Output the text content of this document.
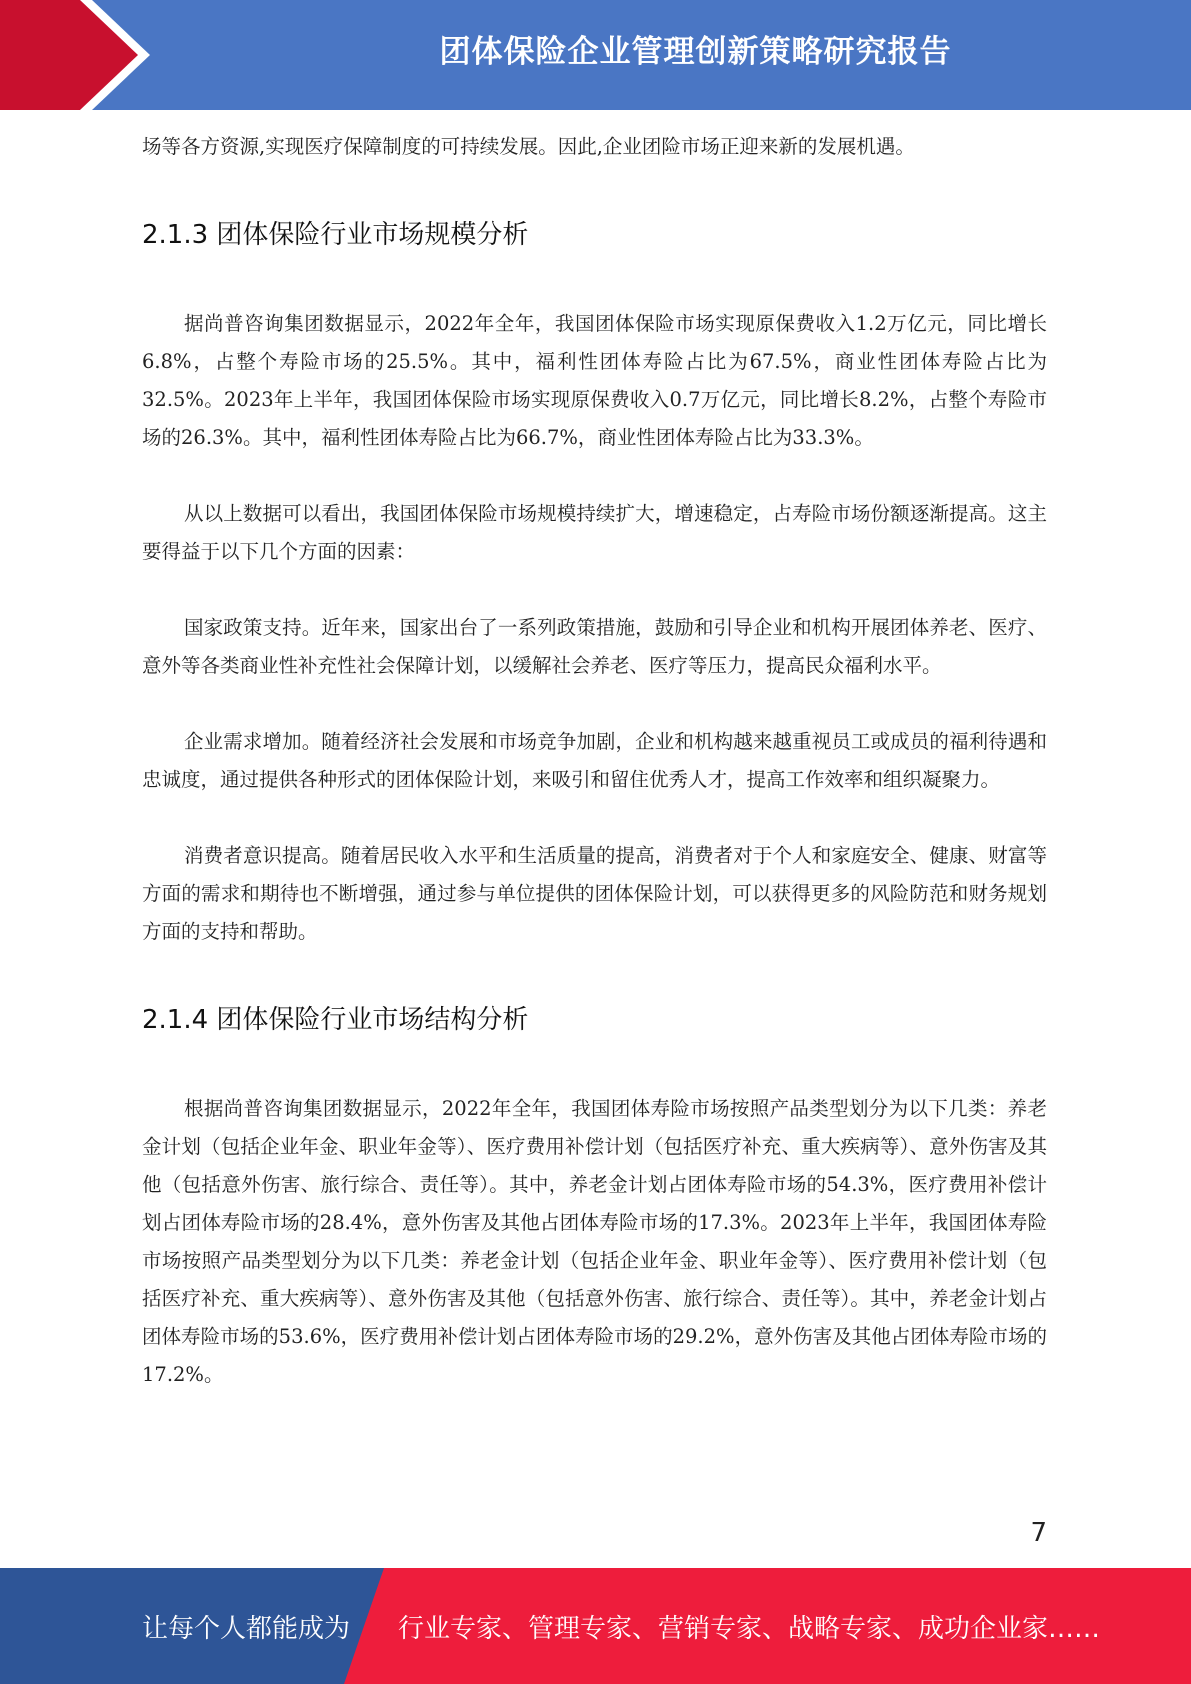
团体保险企业管理创新策略研究报告

场等各方资源,实现医疗保障制度的可持续发展。因此,企业团险市场正迎来新的发展机遇。

2.1.3 团体保险行业市场规模分析

据尚普咨询集团数据显示，2022年全年，我国团体保险市场实现原保费收入1.2万亿元，同比增长6.8%，占整个寿险市场的25.5%。其中，福利性团体寿险占比为67.5%，商业性团体寿险占比为32.5%。2023年上半年，我国团体保险市场实现原保费收入0.7万亿元，同比增长8.2%，占整个寿险市场的26.3%。其中，福利性团体寿险占比为66.7%，商业性团体寿险占比为33.3%。

从以上数据可以看出，我国团体保险市场规模持续扩大，增速稳定，占寿险市场份额逐渐提高。这主要得益于以下几个方面的因素：

国家政策支持。近年来，国家出台了一系列政策措施，鼓励和引导企业和机构开展团体养老、医疗、意外等各类商业性补充性社会保障计划，以缓解社会养老、医疗等压力，提高民众福利水平。

企业需求增加。随着经济社会发展和市场竞争加剧，企业和机构越来越重视员工或成员的福利待遇和忠诚度，通过提供各种形式的团体保险计划，来吸引和留住优秀人才，提高工作效率和组织凝聚力。

消费者意识提高。随着居民收入水平和生活质量的提高，消费者对于个人和家庭安全、健康、财富等方面的需求和期待也不断增强，通过参与单位提供的团体保险计划，可以获得更多的风险防范和财务规划方面的支持和帮助。

2.1.4 团体保险行业市场结构分析

根据尚普咨询集团数据显示，2022年全年，我国团体寿险市场按照产品类型划分为以下几类：养老金计划（包括企业年金、职业年金等）、医疗费用补偿计划（包括医疗补充、重大疾病等）、意外伤害及其他（包括意外伤害、旅行综合、责任等）。其中，养老金计划占团体寿险市场的54.3%，医疗费用补偿计划占团体寿险市场的28.4%，意外伤害及其他占团体寿险市场的17.3%。2023年上半年，我国团体寿险市场按照产品类型划分为以下几类：养老金计划（包括企业年金、职业年金等）、医疗费用补偿计划（包括医疗补充、重大疾病等）、意外伤害及其他（包括意外伤害、旅行综合、责任等）。其中，养老金计划占团体寿险市场的53.6%，医疗费用补偿计划占团体寿险市场的29.2%，意外伤害及其他占团体寿险市场的17.2%。

7
让每个人都能成为 行业专家、管理专家、营销专家、战略专家、成功企业家……
